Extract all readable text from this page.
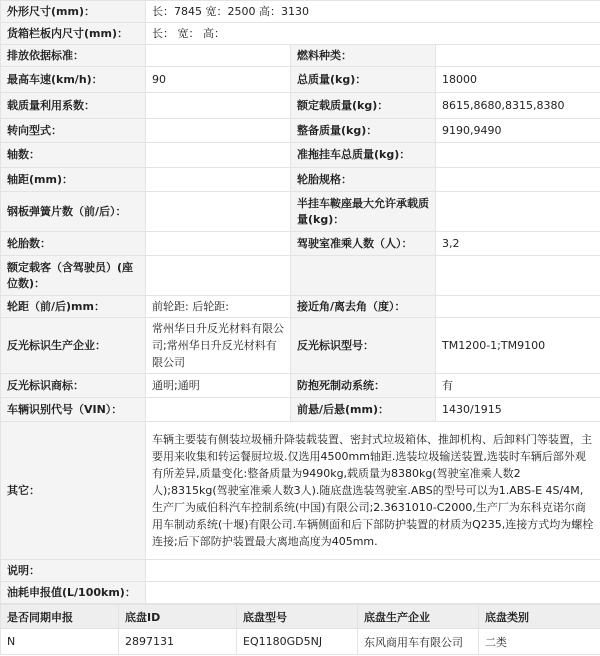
外形尺寸(mm)：	长：7845 宽：2500 高：3130		
货箱栏板内尺寸(mm)：	长： 宽： 高：		
排放依据标准：		燃料种类：	
最高车速(km/h)：	90	总质量(kg)：	18000
载质量利用系数：		额定载质量(kg)：	8615,8680,8315,8380
转向型式：		整备质量(kg)：	9190,9490
轴数：		准拖挂车总质量(kg)：	
轴距(mm)：		轮胎规格：	
钢板弹簧片数（前/后）：		半挂车鞍座最大允许承载质量(kg)：	
轮胎数：		驾驶室准乘人数（人）：	3,2
额定载客（含驾驶员）(座位数)：			
轮距（前/后)mm：	前轮距: 后轮距:	接近角/离去角（度）：	
反光标识生产企业：	常州华日升反光材料有限公司;常州华日升反光材料有限公司	反光标识型号：	TM1200-1;TM9100
反光标识商标：	通明;通明	防抱死制动系统：	有
车辆识别代号（VIN）：		前悬/后悬(mm)：	1430/1915
其它：	车辆主要装有侧装垃圾桶升降装载装置、密封式垃圾箱体、推卸机构、后卸料门等装置，主要用来收集和转运餐厨垃圾.仅选用4500mm轴距.选装垃圾输送装置,选装时车辆后部外观有所差异,质量变化:整备质量为9490kg,载质量为8380kg(驾驶室准乘人数2人);8315kg(驾驶室准乘人数3人).随底盘选装驾驶室.ABS的型号可以为1.ABS-E 4S/4M,生产厂为威伯科汽车控制系统(中国)有限公司;2.3631010-C2000,生产厂为东科克诺尔商用车制动系统(十堰)有限公司.车辆侧面和后下部防护装置的材质为Q235,连接方式均为螺栓连接;后下部防护装置最大离地高度为405mm.		
说明：			
油耗申报值(L/100km)：			
是否同期申报	底盘ID	底盘型号	底盘生产企业	底盘类别
N	2897131	EQ1180GD5NJ	东风商用车有限公司	二类
